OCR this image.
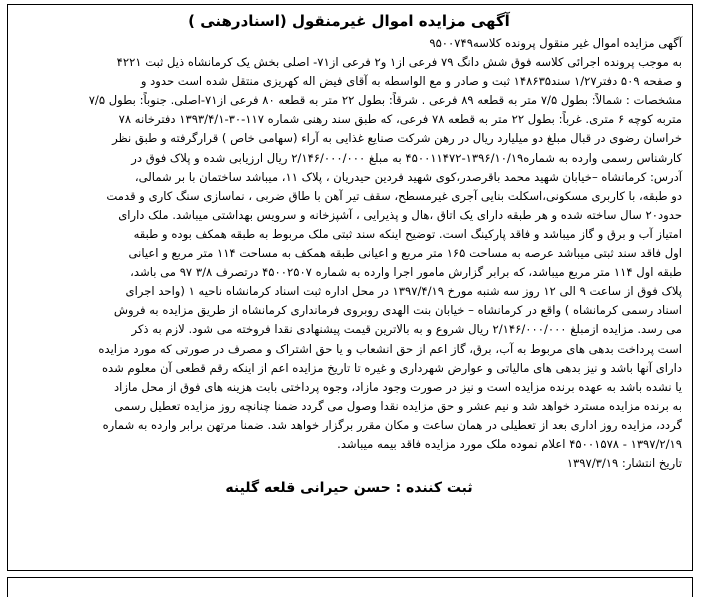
آگهی مزایده اموال غیرمنقول (اسنادرهنی )
آگهی مزایده اموال غیر منقول پرونده کلاسه۹۵۰۰۷۴۹
به موجب پرونده اجرائی کلاسه فوق شش دانگ ۷۹ فرعی از۱ و۲ فرعی از۷۱- اصلی بخش یک کرمانشاه ذیل ثبت ۴۲۲۱
و صفحه ۵۰۹ دفتر۱/۲۷ سند۱۴۸۶۳۵ ثبت و صادر و مع الواسطه به آقای فیض اله کهریزی منتقل شده است حدود و
مشخصات : شمالاً: بطول ۷/۵ متر به قطعه ۸۹ فرعی . شرقاً: بطول ۲۲ متر به قطعه ۸۰ فرعی از۷۱-اصلی. جنوباً: بطول ۷/۵
متربه کوچه ۶ متری. غرباً: بطول ۲۲ متر به قطعه ۷۸ فرعی، که طبق سند رهنی شماره ۱۱۷-۳۰-۱۳۹۳/۴/۱ دفترخانه ۷۸
خراسان رضوی در قبال مبلغ دو میلیارد ریال در رهن شرکت صنایع غذایی به آراء (سهامی خاص ) قرارگرفته و طبق نظر
کارشناس رسمی وارده به شماره۱۳۹۶/۱۰/۱۹-۴۵۰۰۱۱۴۷۲ به مبلغ ۲/۱۴۶/۰۰۰/۰۰۰ ریال ارزیابی شده و پلاک فوق در
آدرس: کرمانشاه –خیابان شهید محمد باقرصدر،کوی شهید فردین حیدریان ، پلاک ۱۱، میباشد ساختمان با بر شمالی،
دو طبقه، با کاربری مسکونی،اسکلت بنایی آجری غیرمسطح، سقف تیر آهن با طاق ضربی ، نماسازی سنگ کاری و قدمت
حدود۲۰ سال ساخته شده و هر طبقه دارای یک اتاق ،هال و پذیرایی ، آشپزخانه و سرویس بهداشتی میباشد. ملک دارای
امتیاز آب و برق و گاز میباشد و فاقد پارکینگ است. توضیح اینکه سند ثبتی ملک مربوط به طبقه همکف بوده و طبقه
اول فاقد سند ثبتی میباشد عرصه به مساحت ۱۶۵ متر مربع و اعیانی طبقه همکف به مساحت ۱۱۴ متر مربع و اعیانی
طبقه اول ۱۱۴ متر مربع میباشد، که برابر گزارش مامور اجرا وارده به شماره ۴۵۰۰۲۵۰۷ درتصرف ۳/۸ ۹۷ می باشد،
پلاک فوق از ساعت ۹ الی ۱۲ روز سه شنبه مورخ ۱۳۹۷/۴/۱۹ در محل اداره ثبت اسناد کرمانشاه ناحیه ۱ (واحد اجرای
اسناد رسمی کرمانشاه ) واقع در کرمانشاه – خیابان بنت الهدی روبروی فرمانداری کرمانشاه از طریق مزایده به فروش
می رسد. مزایده ازمبلغ ۲/۱۴۶/۰۰۰/۰۰۰ ریال شروع و به بالاترین قیمت پیشنهادی نقدا فروخته می شود. لازم به ذکر
است پرداخت بدهی های مربوط به آب، برق، گاز اعم از حق انشعاب و یا حق اشتراک و مصرف در صورتی که مورد مزایده
دارای آنها باشد و نیز بدهی های مالیاتی و عوارض شهرداری و غیره تا تاریخ مزایده اعم از اینکه رقم قطعی آن معلوم شده
یا نشده باشد به عهده برنده مزایده است و نیز در صورت وجود مازاد، وجوه پرداختی بابت هزینه های فوق از محل مازاد
به برنده مزایده مسترد خواهد شد و نیم عشر و حق مزایده نقدا وصول می گردد ضمنا چنانچه روز مزایده تعطیل رسمی
گردد، مزایده روز اداری بعد از تعطیلی در همان ساعت و مکان مقرر برگزار خواهد شد. ضمنا مرتهن برابر وارده به شماره
۱۳۹۷/۲/۱۹ - ۴۵۰۰۱۵۷۸ اعلام نموده ملک مورد مزایده فاقد بیمه میباشد.
تاریخ انتشار: ۱۳۹۷/۳/۱۹
ثبت کننده : حسن حیرانی قلعه گلینه
